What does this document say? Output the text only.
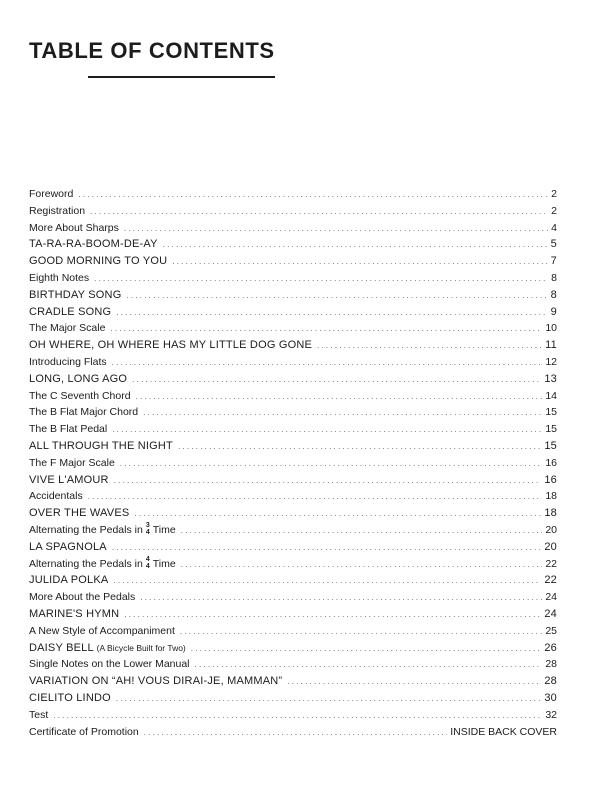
TABLE OF CONTENTS
Foreword . . .	2
Registration . . .	2
More About Sharps . . .	4
TA-RA-RA-BOOM-DE-AY . . .	5
GOOD MORNING TO YOU . . .	7
Eighth Notes . . .	8
BIRTHDAY SONG . . .	8
CRADLE SONG . . .	9
The Major Scale . . .	10
OH WHERE, OH WHERE HAS MY LITTLE DOG GONE . . .	11
Introducing Flats . . .	12
LONG, LONG AGO . . .	13
The C Seventh Chord . . .	14
The B Flat Major Chord . . .	15
The B Flat Pedal . . .	15
ALL THROUGH THE NIGHT . . .	15
The F Major Scale . . .	16
VIVE L'AMOUR . . .	16
Accidentals . . .	18
OVER THE WAVES . . .	18
Alternating the Pedals in 3
4 Time . . .	20
LA SPAGNOLA . . .	20
Alternating the Pedals in 4
4 Time . . .	22
JULIDA POLKA . . .	22
More About the Pedals . . .	24
MARINE'S HYMN . . .	24
A New Style of Accompaniment . . .	25
DAISY BELL (A Bicycle Built for Two) . . .	26
Single Notes on the Lower Manual . . .	28
VARIATION ON “AH! VOUS DIRAI-JE, MAMMAN” . . .	28
CIELITO LINDO . . .	30
Test . . .	32
Certificate of Promotion . . .	INSIDE BACK COVER
